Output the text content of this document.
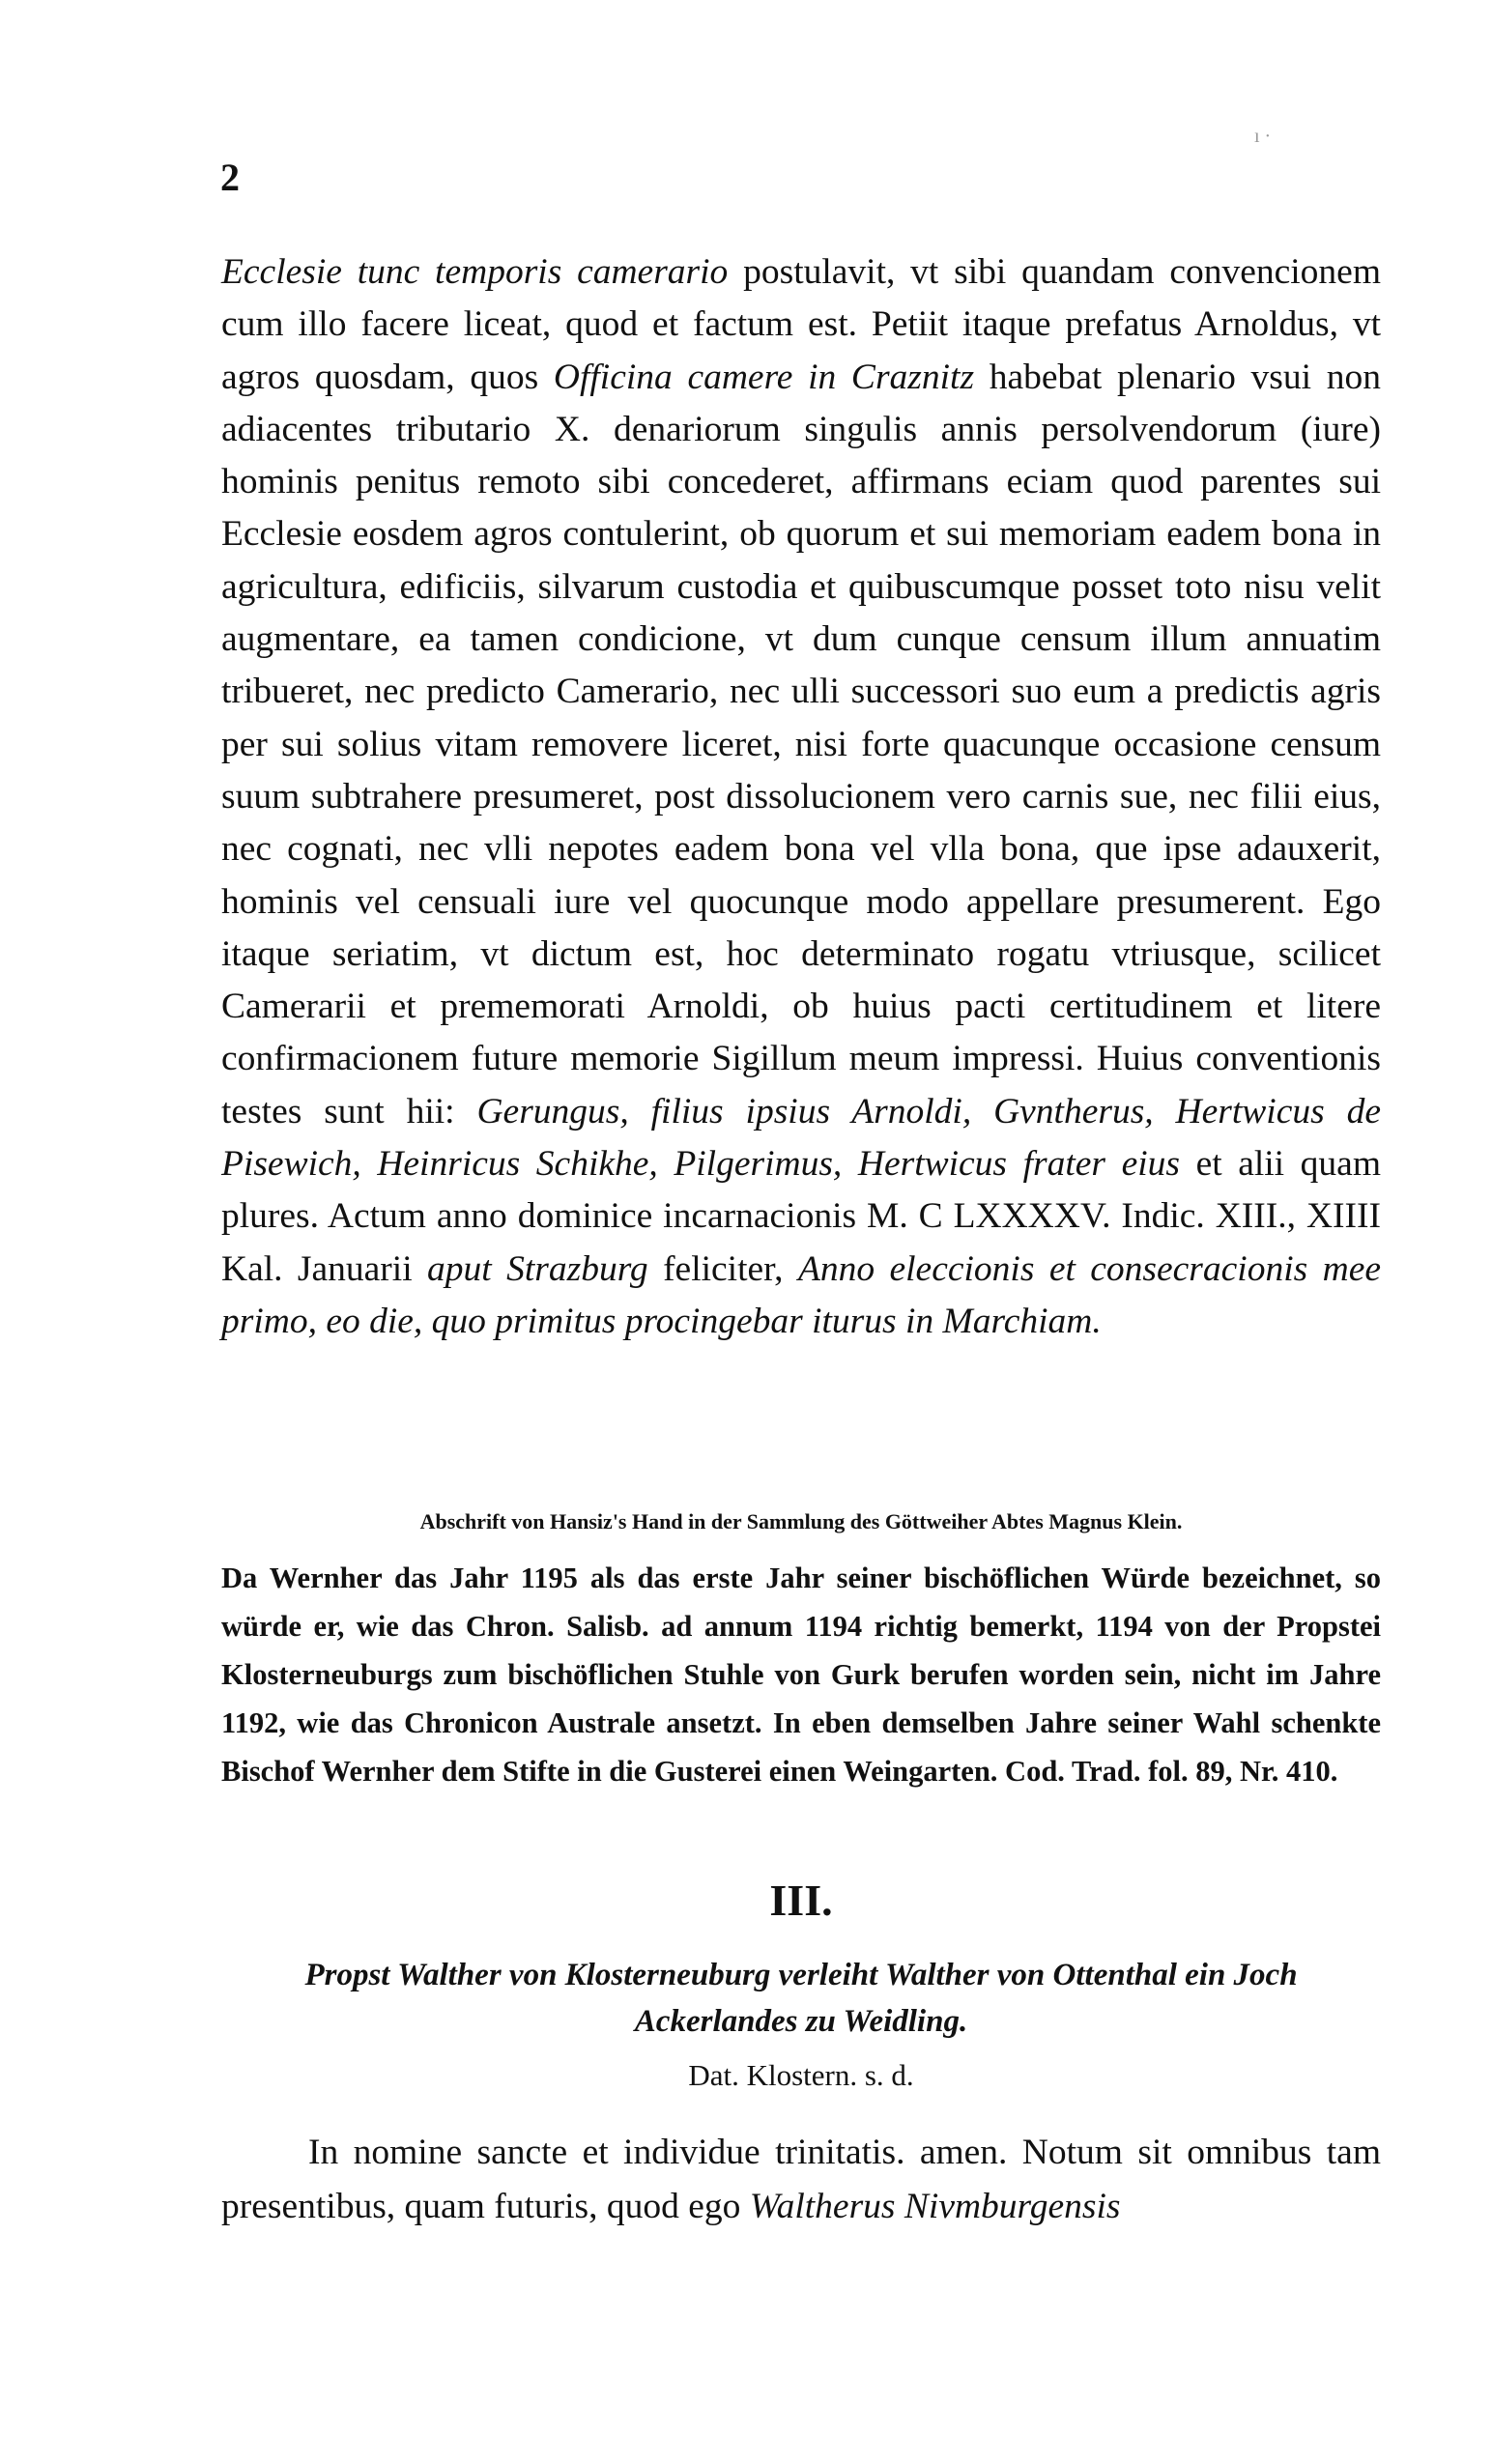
2
ı ·

Ecclesie tunc temporis camerario postulavit, vt sibi quandam convencionem cum illo facere liceat, quod et factum est. Petiit itaque prefatus Arnoldus, vt agros quosdam, quos Officina camere in Craznitz habebat plenario vsui non adiacentes tributario X. denariorum singulis annis persolvendorum (iure) hominis penitus remoto sibi concederet, affirmans eciam quod parentes sui Ecclesie eosdem agros contulerint, ob quorum et sui memoriam eadem bona in agricultura, edificiis, silvarum custodia et quibuscumque posset toto nisu velit augmentare, ea tamen condicione, vt dum cunque censum illum annuatim tribueret, nec predicto Camerario, nec ulli successori suo eum a predictis agris per sui solius vitam removere liceret, nisi forte quacunque occasione censum suum subtrahere presumeret, post dissolucionem vero carnis sue, nec filii eius, nec cognati, nec vlli nepotes eadem bona vel vlla bona, que ipse adauxerit, hominis vel censuali iure vel quocunque modo appellare presumerent. Ego itaque seriatim, vt dictum est, hoc determinato rogatu vtriusque, scilicet Camerarii et prememorati Arnoldi, ob huius pacti certitudinem et litere confirmacionem future memorie Sigillum meum impressi. Huius conventionis testes sunt hii: Gerungus, filius ipsius Arnoldi, Gvntherus, Hertwicus de Pisewich, Heinricus Schikhe, Pilgerimus, Hertwicus frater eius et alii quam plures. Actum anno dominice incarnacionis M. C LXXXXV. Indic. XIII., XIIII Kal. Januarii aput Strazburg feliciter, Anno eleccionis et consecracionis mee primo, eo die, quo primitus procingebar iturus in Marchiam.

Abschrift von Hansiz's Hand in der Sammlung des Göttweiher Abtes Magnus Klein.

Da Wernher das Jahr 1195 als das erste Jahr seiner bischöflichen Würde bezeichnet, so würde er, wie das Chron. Salisb. ad annum 1194 richtig bemerkt, 1194 von der Propstei Klosterneuburgs zum bischöflichen Stuhle von Gurk berufen worden sein, nicht im Jahre 1192, wie das Chronicon Australe ansetzt. In eben demselben Jahre seiner Wahl schenkte Bischof Wernher dem Stifte in die Gusterei einen Weingarten. Cod. Trad. fol. 89, Nr. 410.

III.
Propst Walther von Klosterneuburg verleiht Walther von Ottenthal ein Joch Ackerlandes zu Weidling.
Dat. Klostern. s. d.

In nomine sancte et individue trinitatis. amen. Notum sit omnibus tam presentibus, quam futuris, quod ego Waltherus Nivmburgensis
